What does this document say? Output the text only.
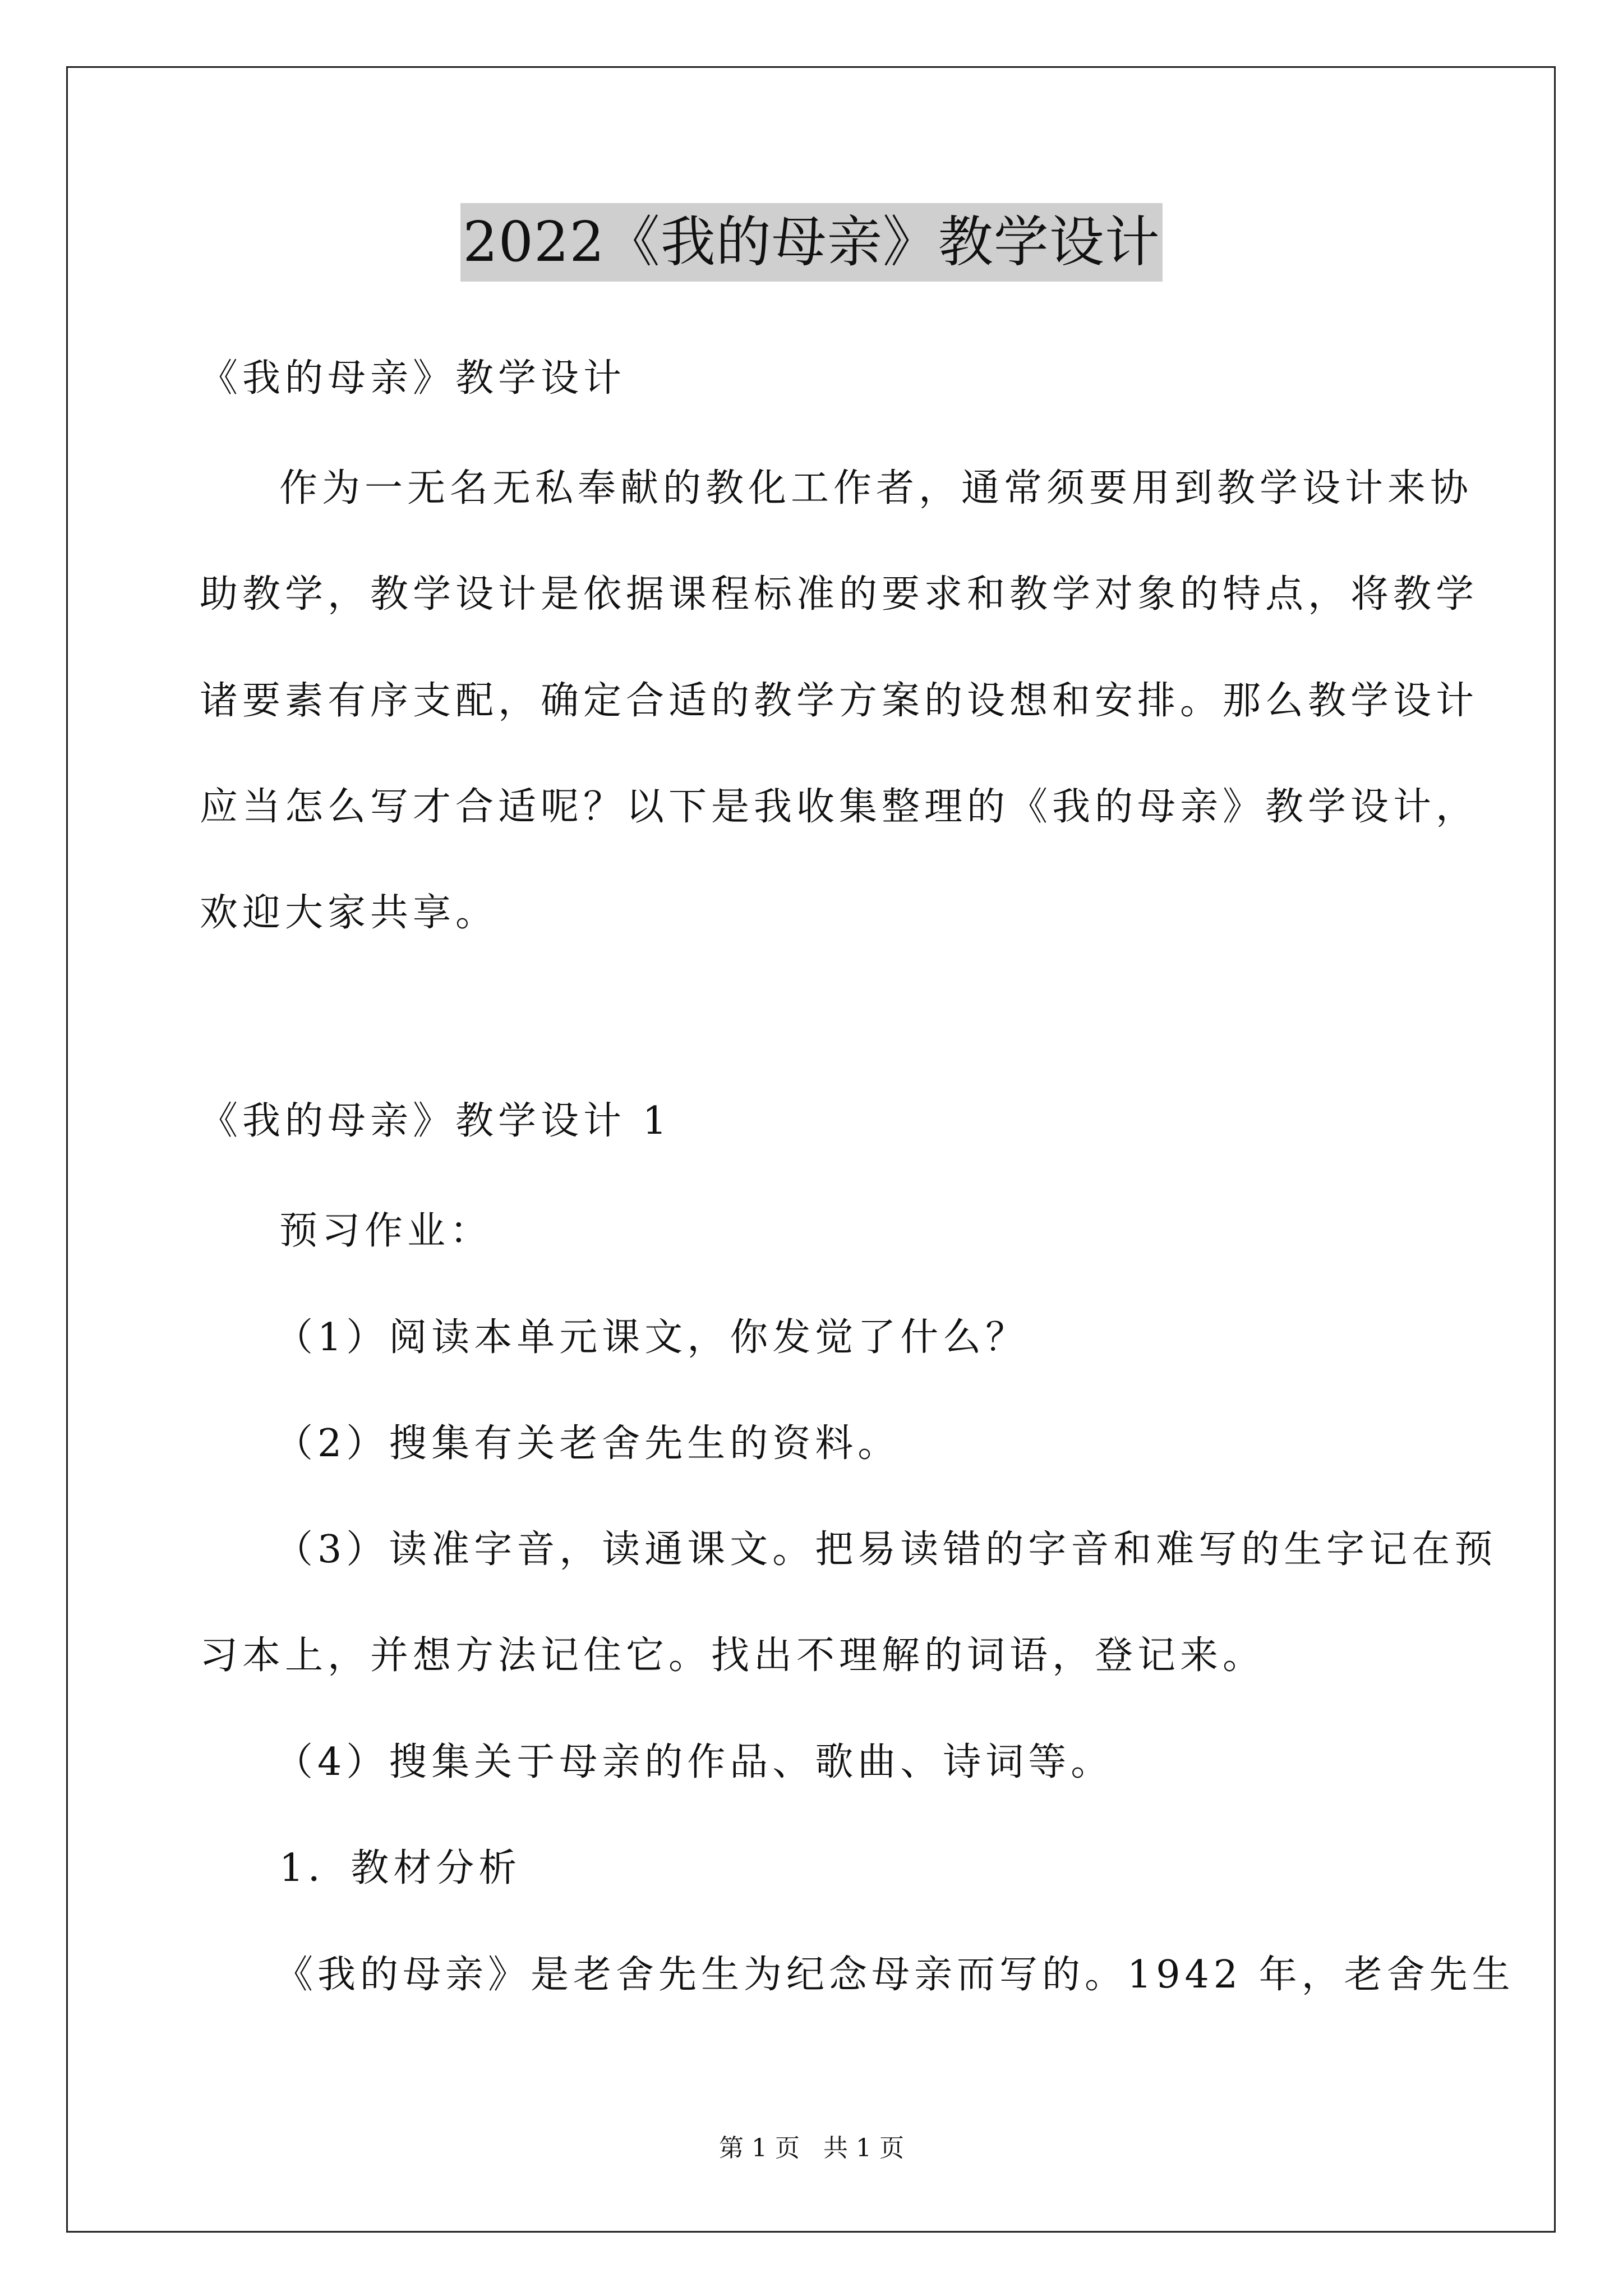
2022《我的母亲》教学设计
《我的母亲》教学设计
作为一无名无私奉献的教化工作者，通常须要用到教学设计来协
助教学，教学设计是依据课程标准的要求和教学对象的特点，将教学
诸要素有序支配，确定合适的教学方案的设想和安排。那么教学设计
应当怎么写才合适呢？以下是我收集整理的《我的母亲》教学设计，
欢迎大家共享。
《我的母亲》教学设计 1
预习作业：
（1）阅读本单元课文，你发觉了什么？
（2）搜集有关老舍先生的资料。
（3）读准字音，读通课文。把易读错的字音和难写的生字记在预
习本上，并想方法记住它。找出不理解的词语，登记来。
（4）搜集关于母亲的作品、歌曲、诗词等。
1．教材分析
《我的母亲》是老舍先生为纪念母亲而写的。1942 年，老舍先生
第 1 页   共 1 页
